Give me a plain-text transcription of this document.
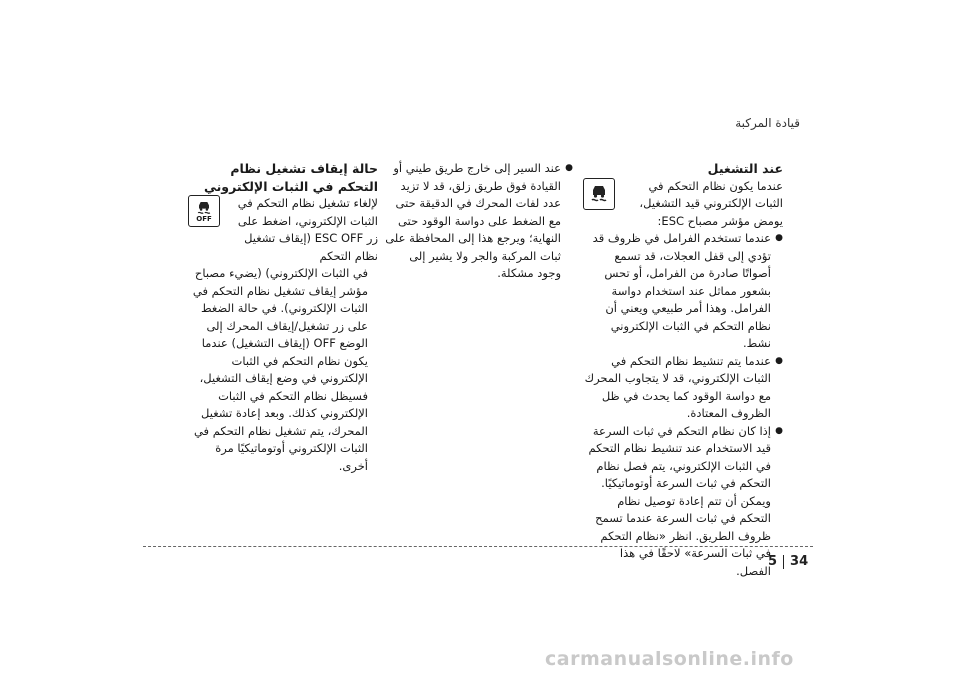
قيادة المركبة

عند التشغيل

عندما يكون نظام التحكم في الثبات الإلكتروني قيد التشغيل، يومض مؤشر مصباح ESC:

● عندما تستخدم الفرامل في ظروف قد تؤدي إلى قفل العجلات، قد تسمع أصواتًا صادرة من الفرامل، أو تحس بشعور مماثل عند استخدام دواسة الفرامل. وهذا أمر طبيعي ويعني أن نظام التحكم في الثبات الإلكتروني نشط.

● عندما يتم تنشيط نظام التحكم في الثبات الإلكتروني، قد لا يتجاوب المحرك مع دواسة الوقود كما يحدث في ظل الظروف المعتادة.

● إذا كان نظام التحكم في ثبات السرعة قيد الاستخدام عند تنشيط نظام التحكم في الثبات الإلكتروني، يتم فصل نظام التحكم في ثبات السرعة أوتوماتيكيًا. ويمكن أن تتم إعادة توصيل نظام التحكم في ثبات السرعة عندما تسمح ظروف الطريق. انظر «نظام التحكم في ثبات السرعة» لاحقًا في هذا الفصل.

● عند السير إلى خارج طريق طيني أو القيادة فوق طريق زلق، قد لا تزيد عدد لفات المحرك في الدقيقة حتى مع الضغط على دواسة الوقود حتى النهاية؛ ويرجع هذا إلى المحافظة على ثبات المركبة والجر ولا يشير إلى وجود مشكلة.

حالة إيقاف تشغيل نظام التحكم في الثبات الإلكتروني

OFF

لإلغاء تشغيل نظام التحكم في الثبات الإلكتروني، اضغط على زر ESC OFF (إيقاف تشغيل نظام التحكم

في الثبات الإلكتروني) (يضيء مصباح مؤشر إيقاف تشغيل نظام التحكم في الثبات الإلكتروني). في حالة الضغط على زر تشغيل/إيقاف المحرك إلى الوضع OFF (إيقاف التشغيل) عندما يكون نظام التحكم في الثبات الإلكتروني في وضع إيقاف التشغيل، فسيظل نظام التحكم في الثبات الإلكتروني كذلك. وبعد إعادة تشغيل المحرك، يتم تشغيل نظام التحكم في الثبات الإلكتروني أوتوماتيكيًا مرة أخرى.

5 34
carmanualsonline.info
